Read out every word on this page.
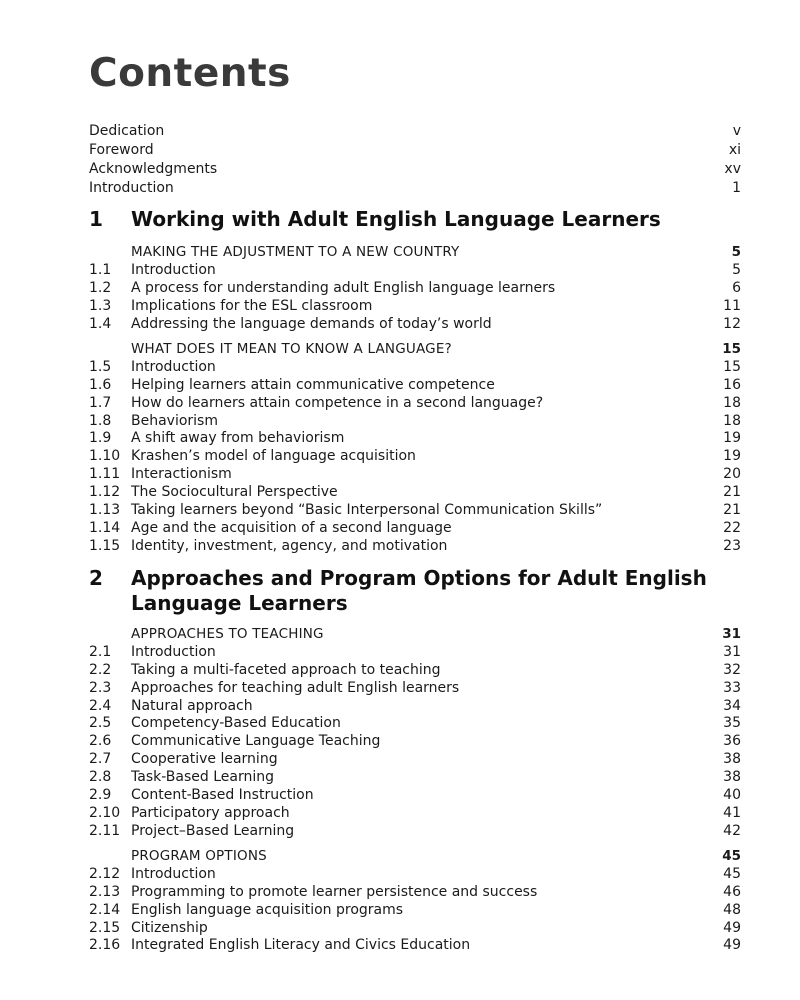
Contents
Dedication	v
Foreword	xi
Acknowledgments	xv
Introduction	1
1	Working with Adult English Language Learners
MAKING THE ADJUSTMENT TO A NEW COUNTRY	5
1.1	Introduction	5
1.2	A process for understanding adult English language learners	6
1.3	Implications for the ESL classroom	11
1.4	Addressing the language demands of today’s world	12
WHAT DOES IT MEAN TO KNOW A LANGUAGE?	15
1.5	Introduction	15
1.6	Helping learners attain communicative competence	16
1.7	How do learners attain competence in a second language?	18
1.8	Behaviorism	18
1.9	A shift away from behaviorism	19
1.10 Krashen’s model of language acquisition	19
1.11 Interactionism	20
1.12 The Sociocultural Perspective	21
1.13 Taking learners beyond “Basic Interpersonal Communication Skills”	21
1.14 Age and the acquisition of a second language	22
1.15 Identity, investment, agency, and motivation	23
2	Approaches and Program Options for Adult English
Language Learners
APPROACHES TO TEACHING	31
2.1	Introduction	31
2.2	Taking a multi-faceted approach to teaching	32
2.3	Approaches for teaching adult English learners	33
2.4	Natural approach	34
2.5	Competency-Based Education	35
2.6	Communicative Language Teaching	36
2.7	Cooperative learning	38
2.8	Task-Based Learning	38
2.9	Content-Based Instruction	40
2.10 Participatory approach	41
2.11 Project–Based Learning	42
PROGRAM OPTIONS	45
2.12 Introduction	45
2.13 Programming to promote learner persistence and success	46
2.14 English language acquisition programs	48
2.15 Citizenship	49
2.16 Integrated English Literacy and Civics Education	49
